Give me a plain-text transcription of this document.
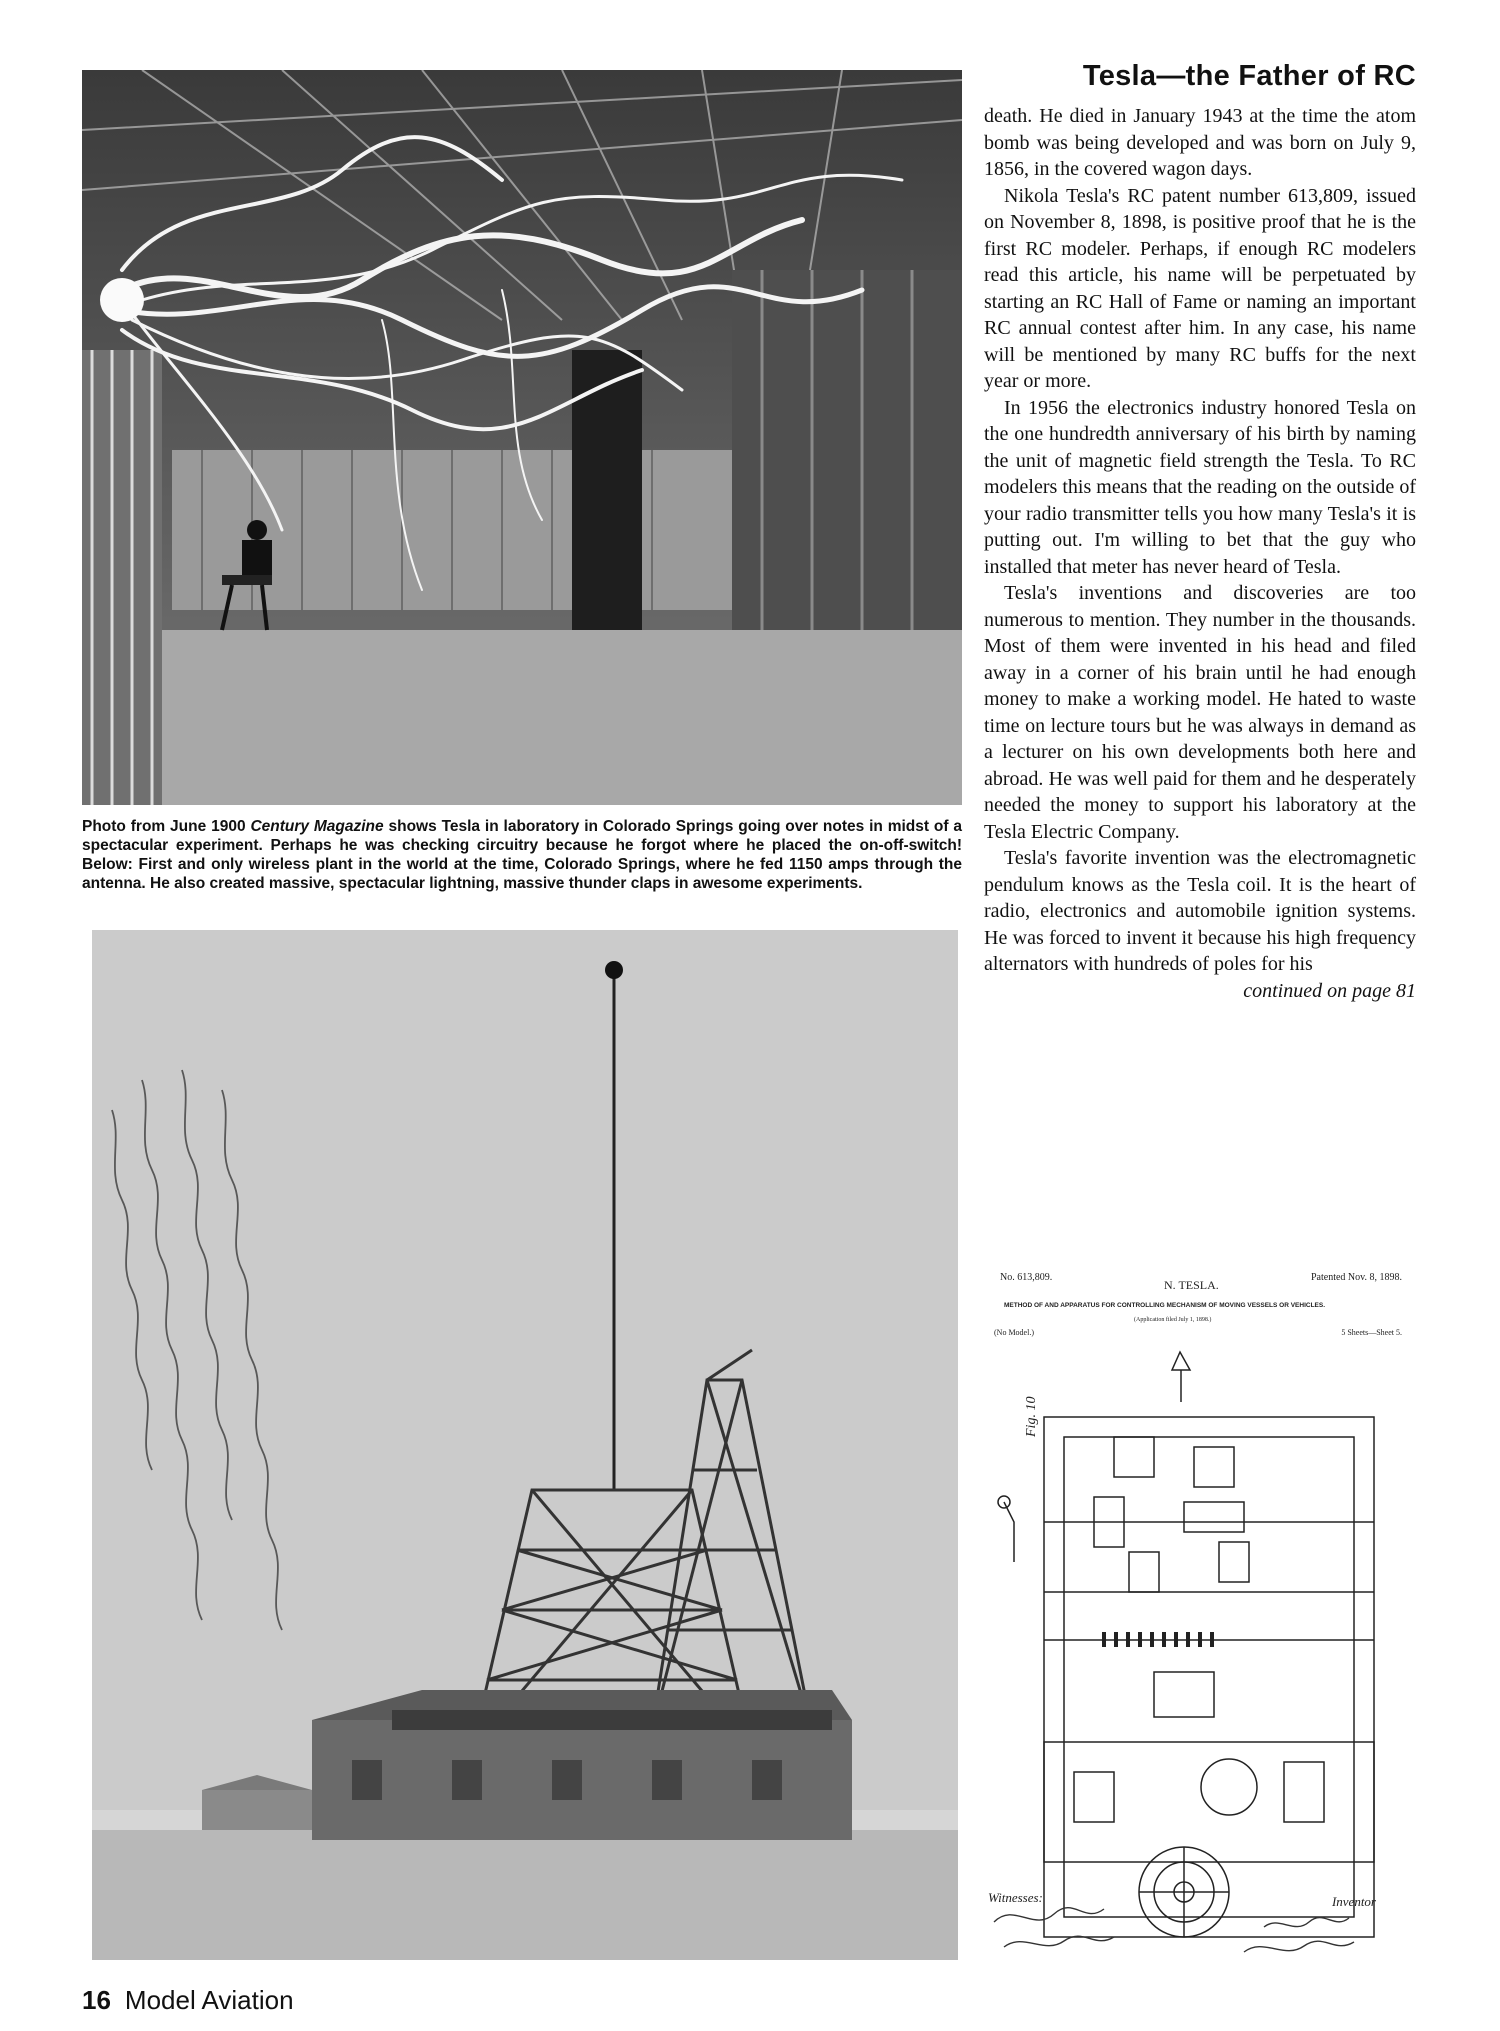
Photo from June 1900 Century Magazine shows Tesla in laboratory in Colorado Springs going over notes in midst of a spectacular experiment. Perhaps he was checking circuitry because he forgot where he placed the on-off-switch! Below: First and only wireless plant in the world at the time, Colorado Springs, where he fed 1150 amps through the antenna. He also created massive, spectacular lightning, massive thunder claps in awesome experiments.
Tesla—the Father of RC

death. He died in January 1943 at the time the atom bomb was being developed and was born on July 9, 1856, in the covered wagon days.

Nikola Tesla's RC patent number 613,809, issued on November 8, 1898, is positive proof that he is the first RC modeler. Perhaps, if enough RC modelers read this article, his name will be perpetuated by starting an RC Hall of Fame or naming an important RC annual contest after him. In any case, his name will be mentioned by many RC buffs for the next year or more.

In 1956 the electronics industry honored Tesla on the one hundredth anniversary of his birth by naming the unit of magnetic field strength the Tesla. To RC modelers this means that the reading on the outside of your radio transmitter tells you how many Tesla's it is putting out. I'm willing to bet that the guy who installed that meter has never heard of Tesla.

Tesla's inventions and discoveries are too numerous to mention. They number in the thousands. Most of them were invented in his head and filed away in a corner of his brain until he had enough money to make a working model. He hated to waste time on lecture tours but he was always in demand as a lecturer on his own developments both here and abroad. He was well paid for them and he desperately needed the money to support his laboratory at the Tesla Electric Company.

Tesla's favorite invention was the electromagnetic pendulum knows as the Tesla coil. It is the heart of radio, electronics and automobile ignition systems. He was forced to invent it because his high frequency alternators with hundreds of poles for his

continued on page 81
No. 613,809.
N. TESLA.
Patented Nov. 8, 1898.
METHOD OF AND APPARATUS FOR CONTROLLING MECHANISM OF MOVING VESSELS OR VEHICLES.
(Application filed July 1, 1898.)
(No Model.)	5 Sheets—Sheet 5.
Fig. 10
Witnesses:	Inventor
16 Model Aviation
